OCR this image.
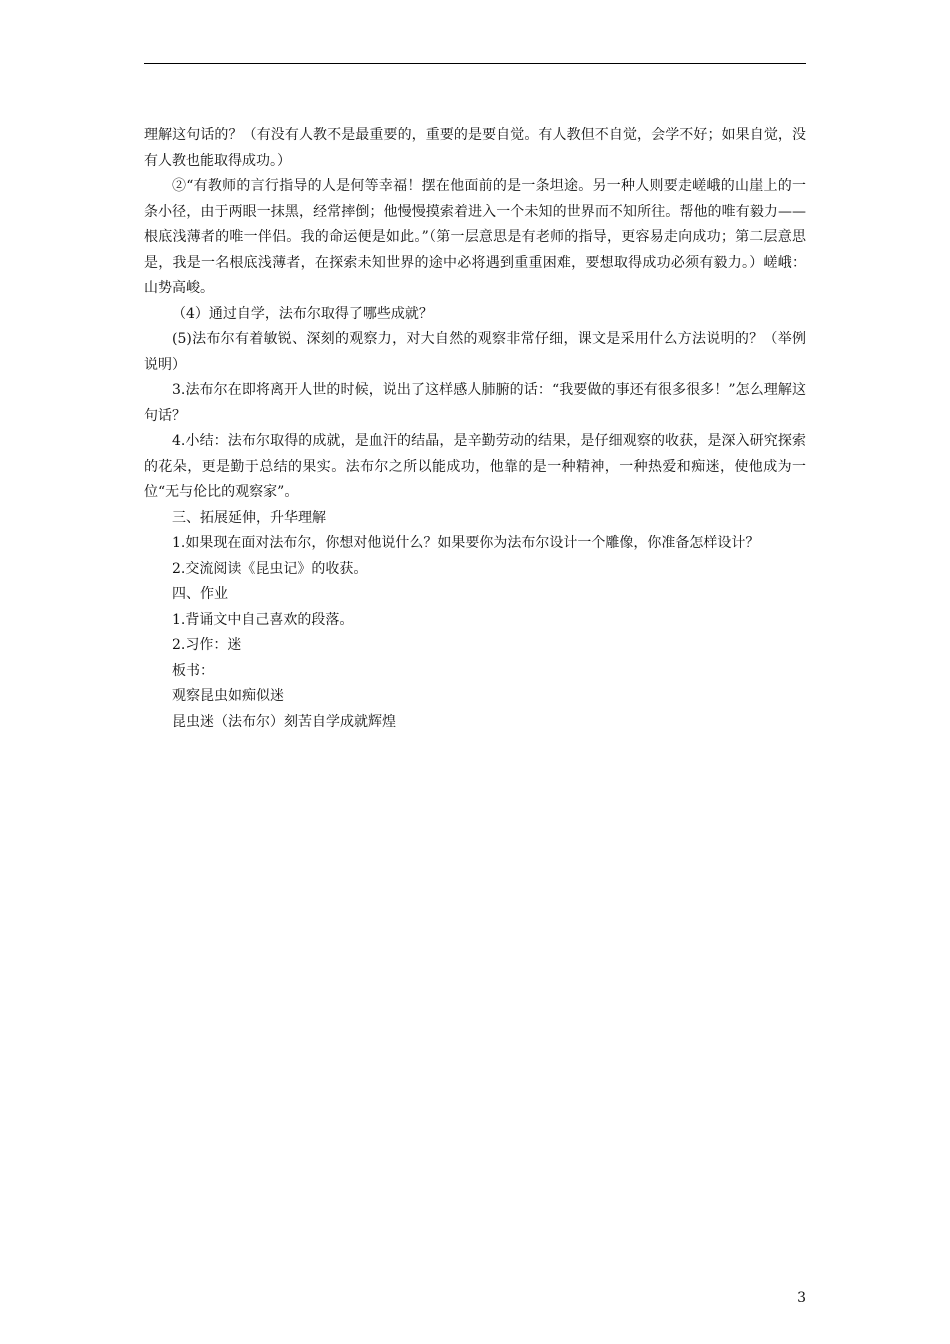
理解这句话的？（有没有人教不是最重要的，重要的是要自觉。有人教但不自觉，会学不好；如果自觉，没有人教也能取得成功。）

②“有教师的言行指导的人是何等幸福！摆在他面前的是一条坦途。另一种人则要走嵯峨的山崖上的一条小径，由于两眼一抹黑，经常摔倒；他慢慢摸索着进入一个未知的世界而不知所往。帮他的唯有毅力——根底浅薄者的唯一伴侣。我的命运便是如此。”（第一层意思是有老师的指导，更容易走向成功；第二层意思是，我是一名根底浅薄者，在探索未知世界的途中必将遇到重重困难，要想取得成功必须有毅力。）嵯峨：山势高峻。

（4）通过自学，法布尔取得了哪些成就？

(5)法布尔有着敏锐、深刻的观察力，对大自然的观察非常仔细，课文是采用什么方法说明的？（举例说明）

3.法布尔在即将离开人世的时候，说出了这样感人肺腑的话：“我要做的事还有很多很多！”怎么理解这句话？

4.小结：法布尔取得的成就，是血汗的结晶，是辛勤劳动的结果，是仔细观察的收获，是深入研究探索的花朵，更是勤于总结的果实。法布尔之所以能成功，他靠的是一种精神，一种热爱和痴迷，使他成为一位“无与伦比的观察家”。

三、拓展延伸，升华理解

1.如果现在面对法布尔，你想对他说什么？如果要你为法布尔设计一个雕像，你准备怎样设计？

2.交流阅读《昆虫记》的收获。

四、作业

1.背诵文中自己喜欢的段落。

2.习作：迷

板书：

观察昆虫如痴似迷

昆虫迷（法布尔）刻苦自学成就辉煌

3
